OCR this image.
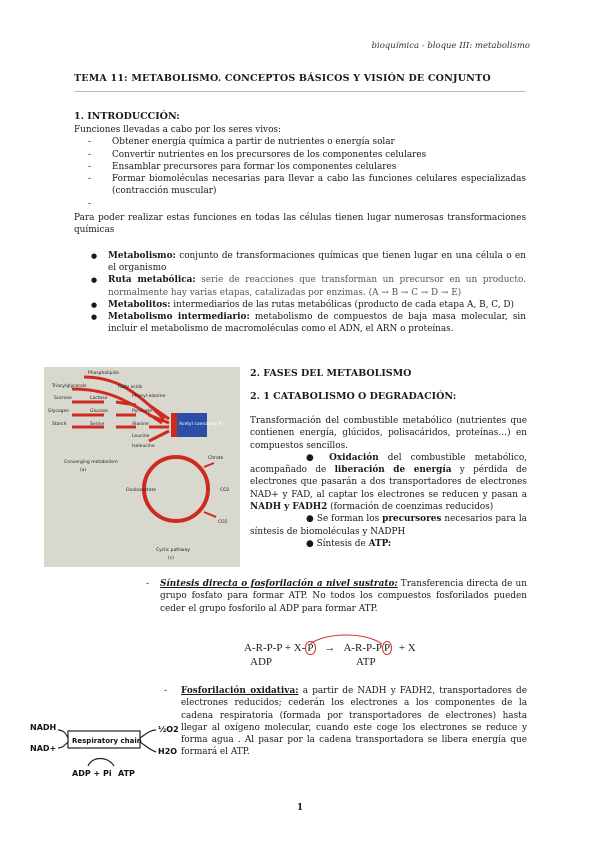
bioquímica - bloque III: metabolismo
TEMA 11: METABOLISMO. CONCEPTOS BÁSICOS Y VISIÓN DE CONJUNTO
1. INTRODUCCIÓN:
Funciones llevadas a cabo por los seres vivos:
- Obtener energía química a partir de nutrientes o energía solar
- Convertir nutrientes en los precursores de los componentes celulares
- Ensamblar precursores para formar los componentes celulares
- Formar biomoléculas necesarias para llevar a cabo las funciones celulares especializadas (contracción muscular)
-
Para poder realizar estas funciones en todas las células tienen lugar numerosas transformaciones químicas
● Metabolismo: conjunto de transformaciones químicas que tienen lugar en una célula o en el organismo
● Ruta metabólica: serie de reacciones que transforman un precursor en un producto. normalmente hay varias etapas, catalizadas por enzimas. (A → B → C → D → E)
● Metabolitos: intermediarios de las rutas metabólicas (producto de cada etapa A, B, C, D)
● Metabolismo intermediario: metabolismo de compuestos de baja masa molecular, sin incluir el metabolismo de macromoléculas como el ADN, el ARN o proteínas.
Phospholipids
Triacylglycerols	Fatty acids
Sucrose	Lactose
Glycogen	Glucose	Pyruvate
Starch	Serine	Alanine
Phenyl-alanine
Leucine
Isoleucine
Acetyl coenzyme A
Converging metabolism
(a)
Citrate
Oxaloacetate	CO2
CO2
Cyclic pathway
(c)
2. FASES DEL METABOLISMO
2. 1 CATABOLISMO O DEGRADACIÓN:
Transformación del combustible metabólico (nutrientes que contienen energía, glúcidos, polisacáridos, proteínas…) en compuestos sencillos.
● Oxidación del combustible metabólico, acompañado de liberación de energía y pérdida de electrones que pasarán a dos transportadores de electrones NAD+ y FAD, al captar los electrones se reducen y pasan a NADH y FADH2 (formación de coenzimas reducidos)
● Se forman los precursores necesarios para la síntesis de biomoléculas y NADPH
● Síntesis de ATP:
- Síntesis directa o fosforilación a nivel sustrato: Transferencia directa de un grupo fosfato para formar ATP. No todos los compuestos fosforilados pueden ceder el grupo fosforilo al ADP para formar ATP.
A-R-P-P + X- P → A-R-P-P P + X
ADP	ATP
- Fosforilación oxidativa: a partir de NADH y FADH2, transportadores de electrones reducidos; cederán los electrones a los componentes de la cadena respiratoria (formada por transportadores de electrones) hasta llegar al oxígeno molecular, cuando este coge los electrones se reduce y forma agua . Al pasar por la cadena transportadora se libera energía que formará el ATP.
NADH
NAD+
Respiratory chain
½O2
H2O
ADP + Pi ATP
1
